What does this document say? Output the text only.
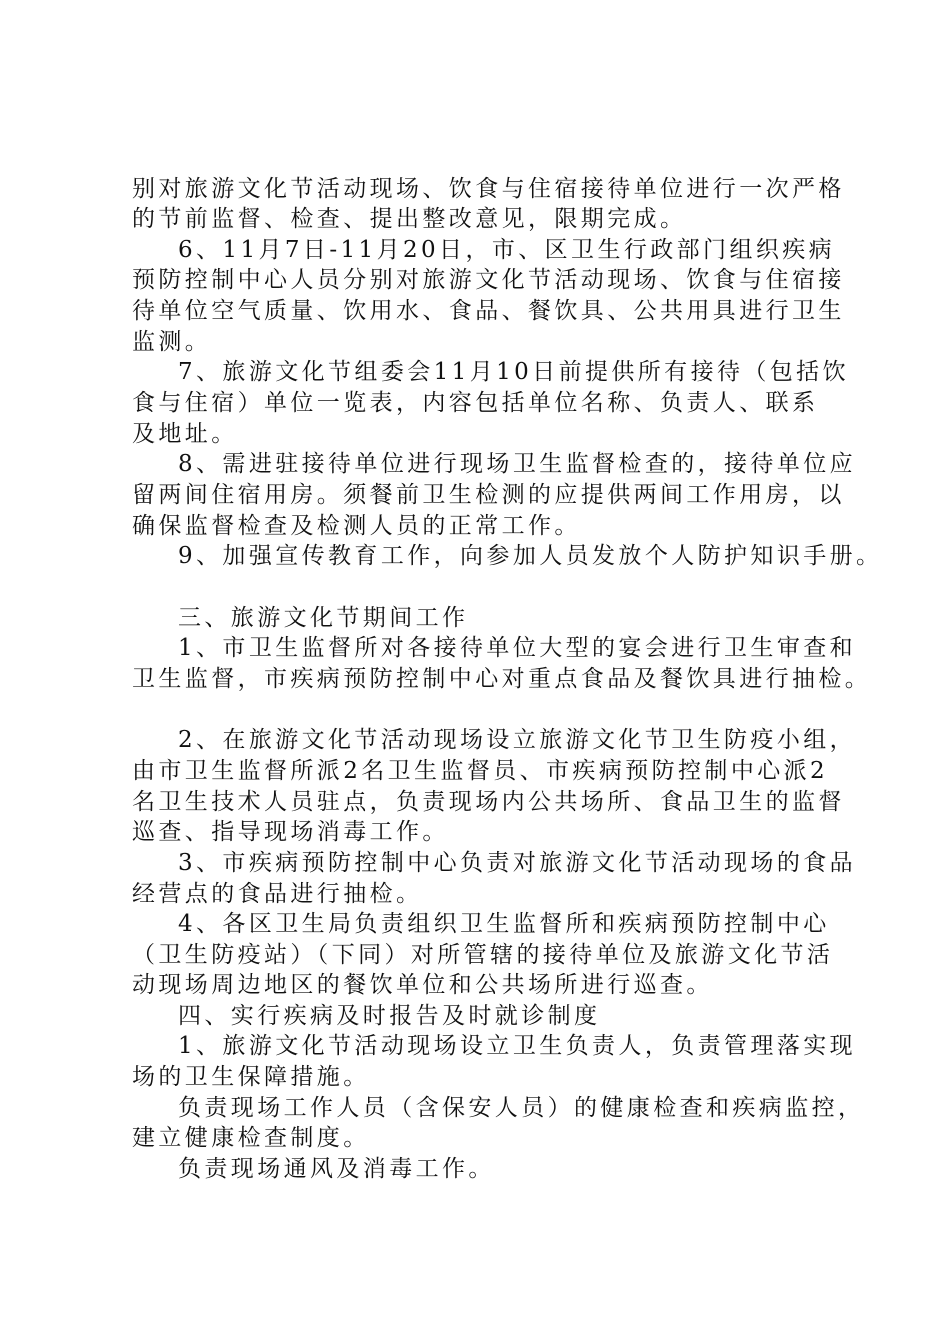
别对旅游文化节活动现场、饮食与住宿接待单位进行一次严格
的节前监督、检查、提出整改意见，限期完成。
6、11月7日-11月20日，市、区卫生行政部门组织疾病
预防控制中心人员分别对旅游文化节活动现场、饮食与住宿接
待单位空气质量、饮用水、食品、餐饮具、公共用具进行卫生
监测。
7、旅游文化节组委会11月10日前提供所有接待（包括饮
食与住宿）单位一览表，内容包括单位名称、负责人、联系
及地址。
8、需进驻接待单位进行现场卫生监督检查的，接待单位应
留两间住宿用房。须餐前卫生检测的应提供两间工作用房，以
确保监督检查及检测人员的正常工作。
9、加强宣传教育工作，向参加人员发放个人防护知识手册。
三、旅游文化节期间工作
1、市卫生监督所对各接待单位大型的宴会进行卫生审查和
卫生监督，市疾病预防控制中心对重点食品及餐饮具进行抽检。
2、在旅游文化节活动现场设立旅游文化节卫生防疫小组，
由市卫生监督所派2名卫生监督员、市疾病预防控制中心派2
名卫生技术人员驻点，负责现场内公共场所、食品卫生的监督
巡查、指导现场消毒工作。
3、市疾病预防控制中心负责对旅游文化节活动现场的食品
经营点的食品进行抽检。
4、各区卫生局负责组织卫生监督所和疾病预防控制中心
（卫生防疫站）（下同）对所管辖的接待单位及旅游文化节活
动现场周边地区的餐饮单位和公共场所进行巡查。
四、实行疾病及时报告及时就诊制度
1、旅游文化节活动现场设立卫生负责人，负责管理落实现
场的卫生保障措施。
负责现场工作人员（含保安人员）的健康检查和疾病监控，
建立健康检查制度。
负责现场通风及消毒工作。
